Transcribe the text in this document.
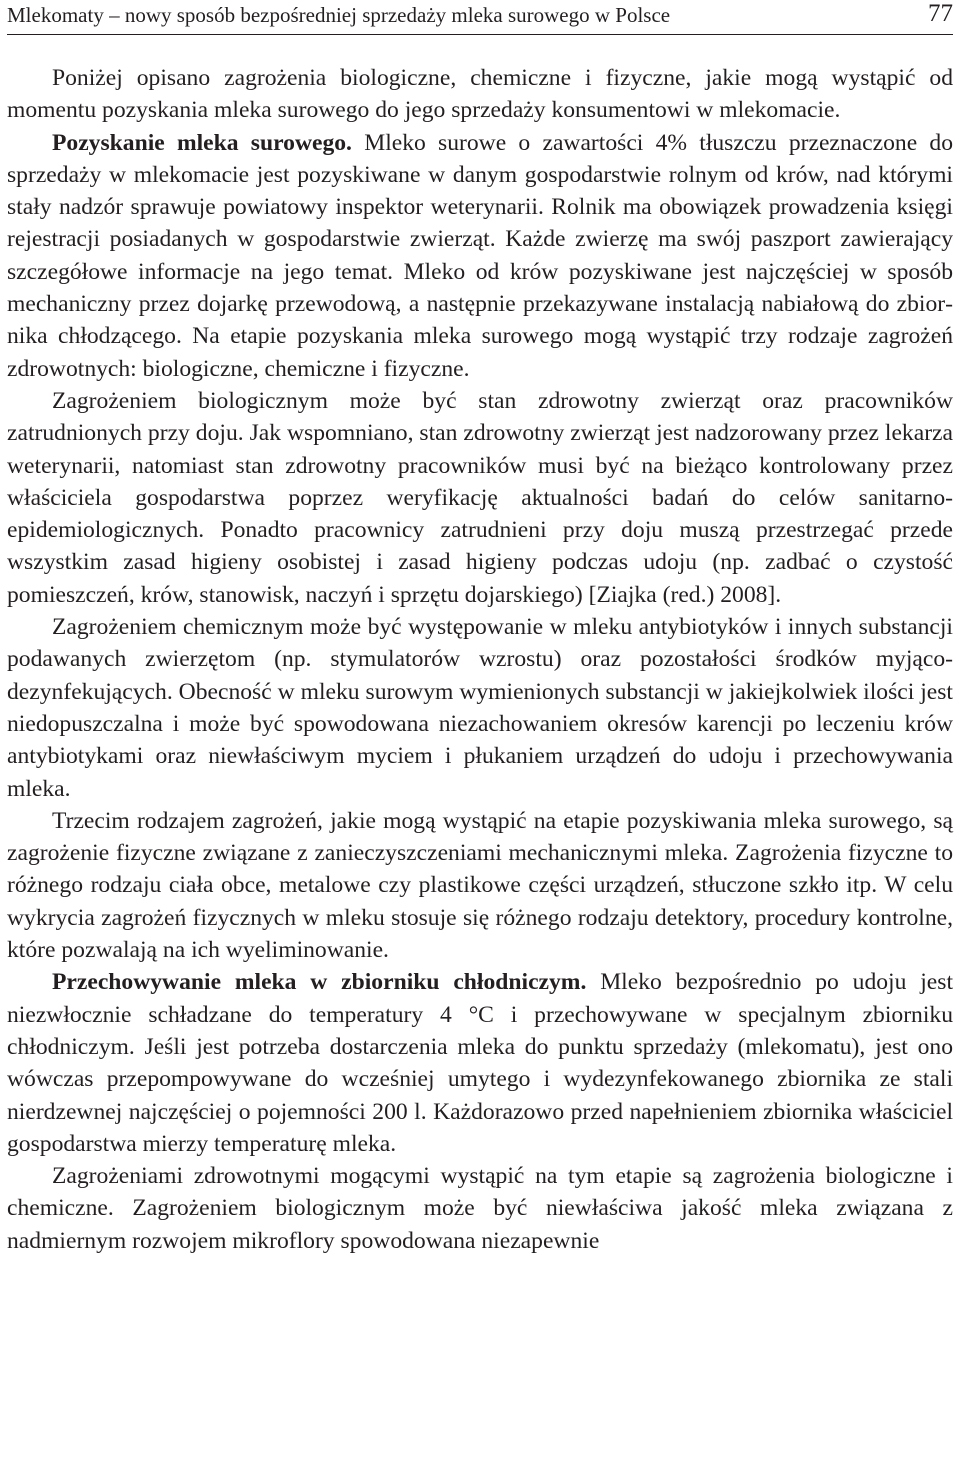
Mlekomaty – nowy sposób bezpośredniej sprzedaży mleka surowego w Polsce	77

Poniżej opisano zagrożenia biologiczne, chemiczne i fizyczne, jakie mogą wystąpić od momentu pozyskania mleka surowego do jego sprzedaży konsumentowi w mlekomacie.

Pozyskanie mleka surowego. Mleko surowe o zawartości 4% tłuszczu przeznaczone do sprzedaży w mlekomacie jest pozyskiwane w danym gospodarstwie rolnym od krów, nad którymi stały nadzór sprawuje powiatowy inspektor weterynarii. Rolnik ma obowiązek prowadzenia księgi rejestracji posiadanych w gospodarstwie zwierząt. Każde zwierzę ma swój paszport zawierający szczegółowe informacje na jego temat. Mleko od krów pozyskiwane jest najczęściej w sposób mechaniczny przez dojarkę przewodową, a następnie przekazywane instalacją nabiałową do zbiornika chłodzącego. Na etapie pozyskania mleka surowego mogą wystąpić trzy rodzaje zagrożeń zdrowotnych: biologiczne, chemiczne i fizyczne.

Zagrożeniem biologicznym może być stan zdrowotny zwierząt oraz pracowników zatrudnionych przy doju. Jak wspomniano, stan zdrowotny zwierząt jest nadzorowany przez lekarza weterynarii, natomiast stan zdrowotny pracowników musi być na bieżąco kontrolowany przez właściciela gospodarstwa poprzez weryfikację aktualności badań do celów sanitarno-epidemiologicznych. Ponadto pracownicy zatrudnieni przy doju muszą przestrzegać przede wszystkim zasad higieny osobistej i zasad higieny podczas udoju (np. zadbać o czystość pomieszczeń, krów, stanowisk, naczyń i sprzętu dojarskiego) [Ziajka (red.) 2008].

Zagrożeniem chemicznym może być występowanie w mleku antybiotyków i innych substancji podawanych zwierzętom (np. stymulatorów wzrostu) oraz pozostałości środków myjąco-dezynfekujących. Obecność w mleku surowym wymienionych substancji w jakiejkolwiek ilości jest niedopuszczalna i może być spowodowana niezachowaniem okresów karencji po leczeniu krów antybiotykami oraz niewłaściwym myciem i płukaniem urządzeń do udoju i przechowywania mleka.

Trzecim rodzajem zagrożeń, jakie mogą wystąpić na etapie pozyskiwania mleka surowego, są zagrożenie fizyczne związane z zanieczyszczeniami mechanicznymi mleka. Zagrożenia fizyczne to różnego rodzaju ciała obce, metalowe czy plastikowe części urządzeń, stłuczone szkło itp. W celu wykrycia zagrożeń fizycznych w mleku stosuje się różnego rodzaju detektory, procedury kontrolne, które pozwalają na ich wyeliminowanie.

Przechowywanie mleka w zbiorniku chłodniczym. Mleko bezpośrednio po udoju jest niezwłocznie schładzane do temperatury 4 °C i przechowywane w specjalnym zbiorniku chłodniczym. Jeśli jest potrzeba dostarczenia mleka do punktu sprzedaży (mlekomatu), jest ono wówczas przepompowywane do wcześniej umytego i wydezynfekowanego zbiornika ze stali nierdzewnej najczęściej o pojemności 200 l. Każdorazowo przed napełnieniem zbiornika właściciel gospodarstwa mierzy temperaturę mleka.

Zagrożeniami zdrowotnymi mogącymi wystąpić na tym etapie są zagrożenia biologiczne i chemiczne. Zagrożeniem biologicznym może być niewłaściwa jakość mleka związana z nadmiernym rozwojem mikroflory spowodowana niezapewnie
